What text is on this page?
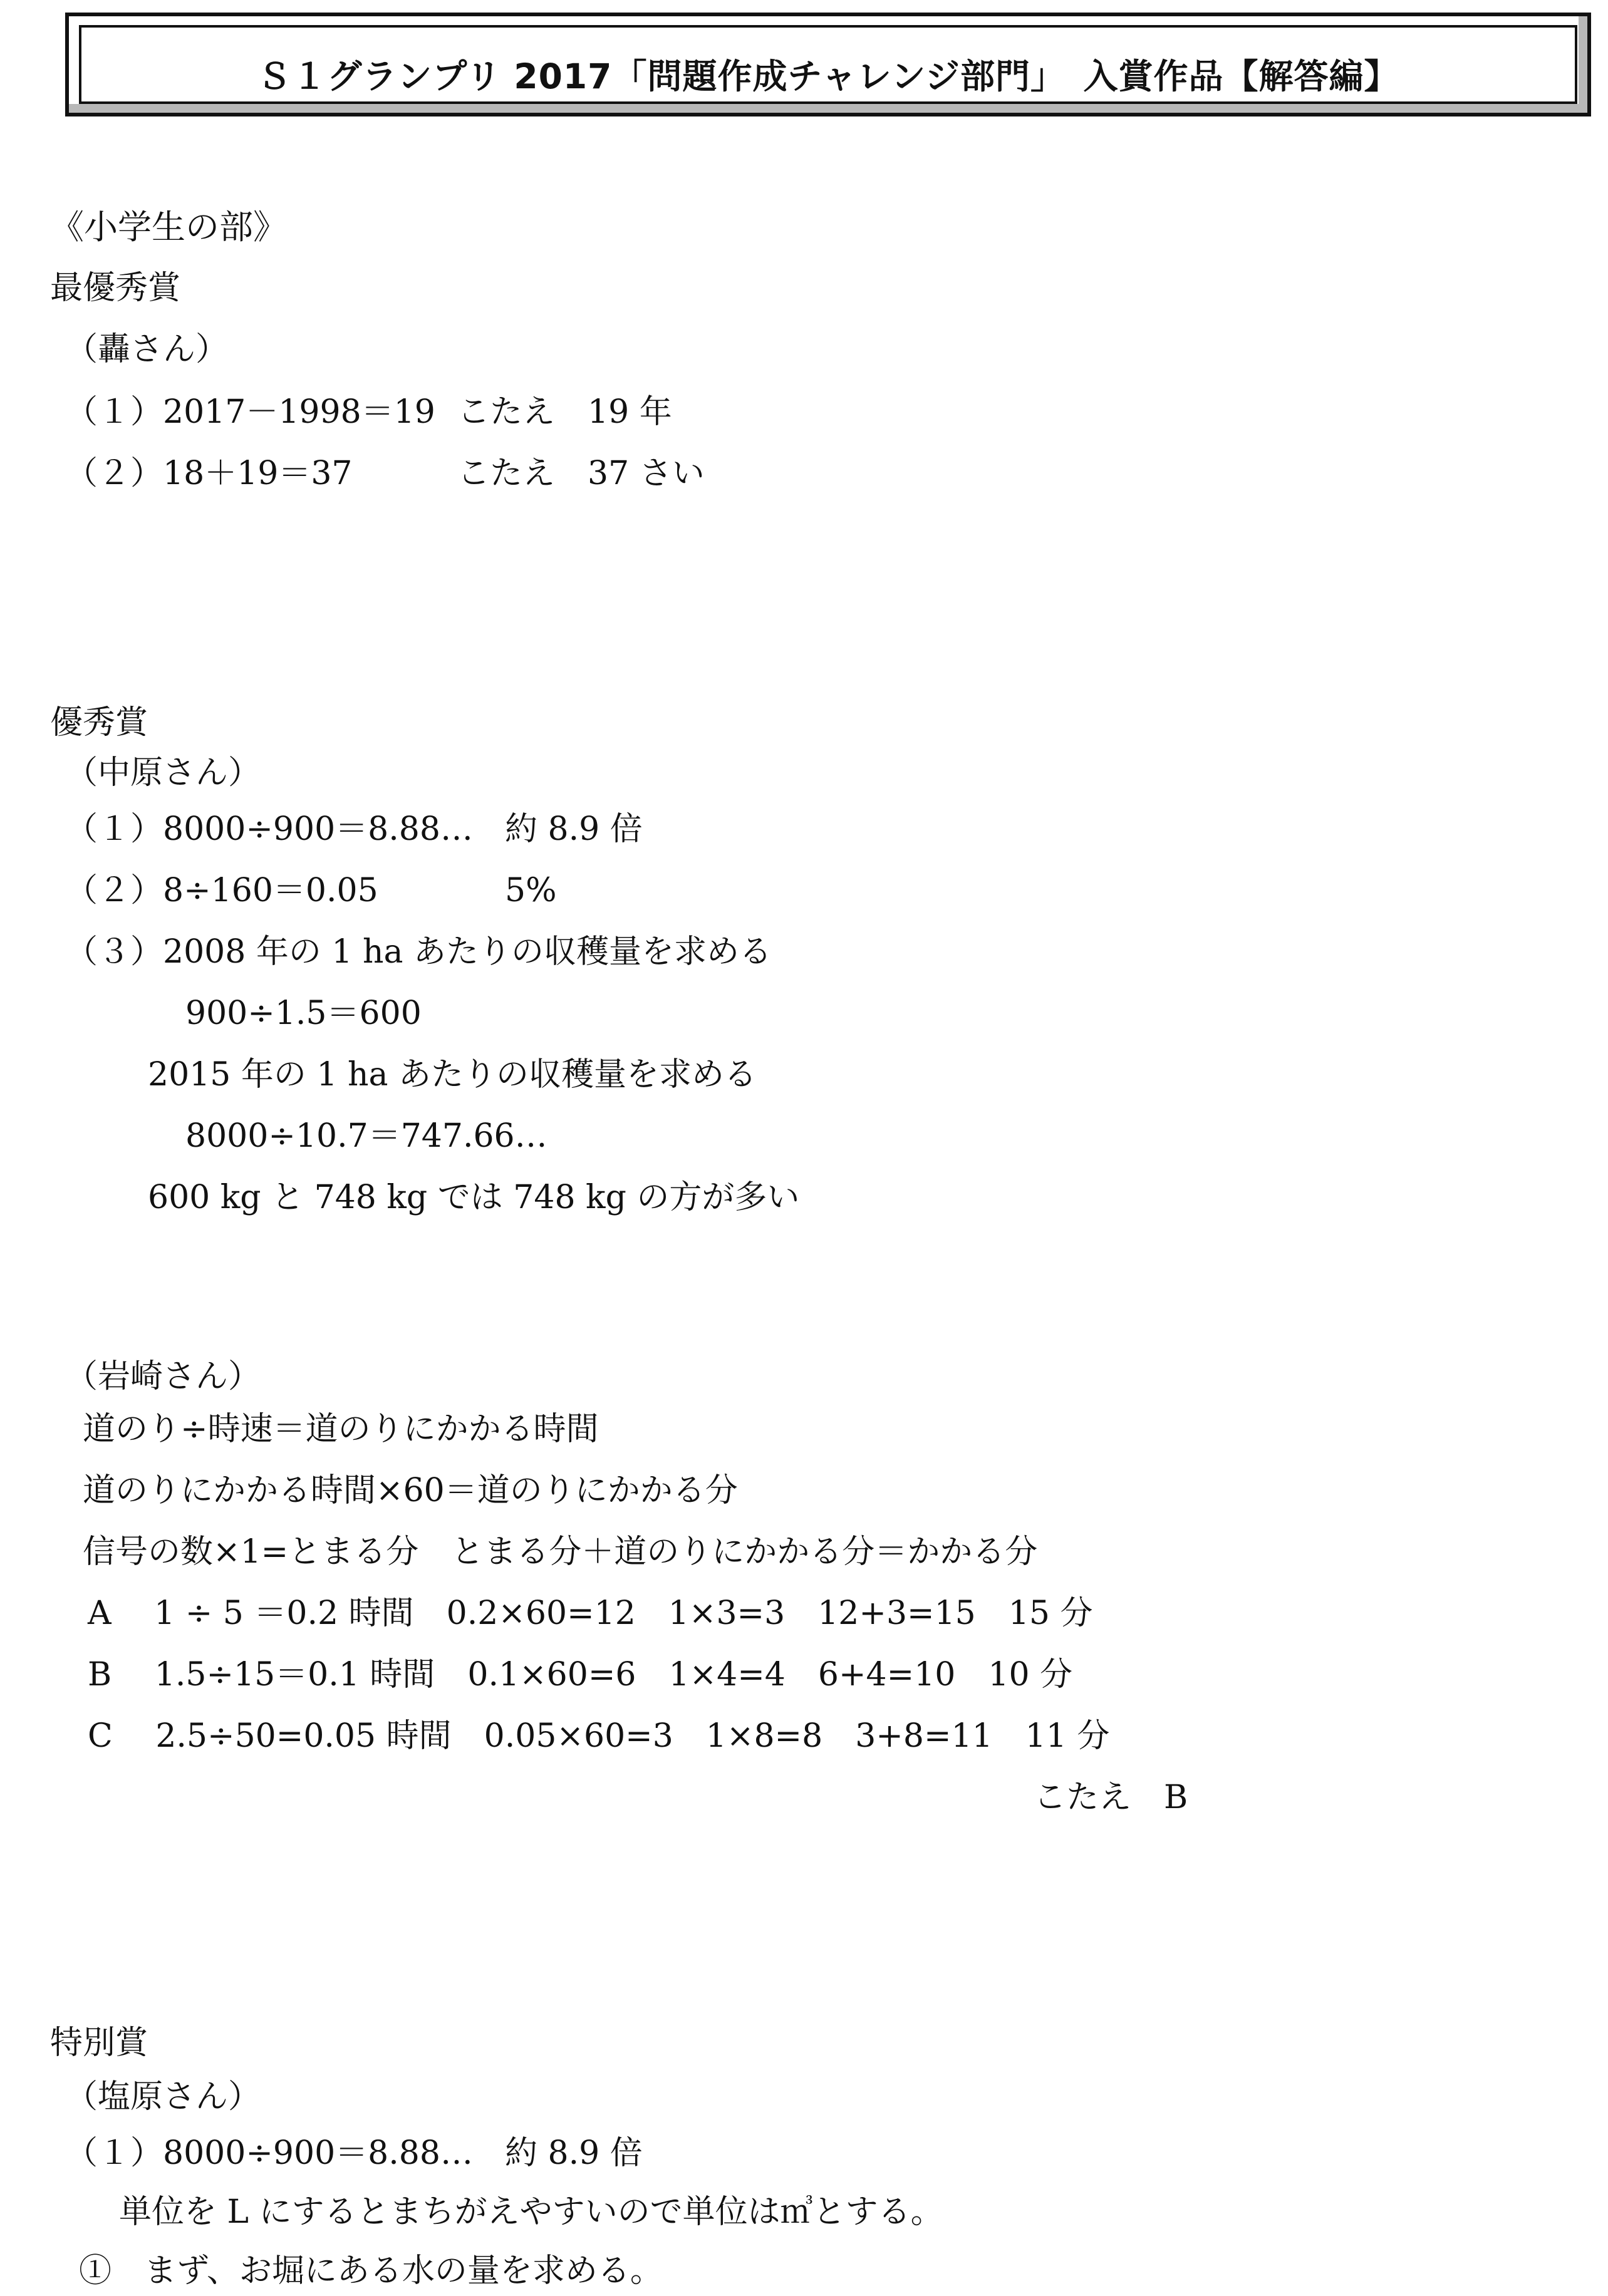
Ｓ１グランプリ 2017「問題作成チャレンジ部門」　入賞作品【解答編】
《小学生の部》
最優秀賞
（轟さん）
（１）2017－1998＝19 こたえ　19 年
（２）18＋19＝37	こたえ　37 さい
優秀賞
（中原さん）
（１）8000÷900＝8.88… 約 8.9 倍
（２）8÷160＝0.05	5%
（３）2008 年の 1 ha あたりの収穫量を求める
900÷1.5＝600
2015 年の 1 ha あたりの収穫量を求める
8000÷10.7＝747.66…
600 kg と 748 kg では 748 kg の方が多い
（岩崎さん）
道のり÷時速＝道のりにかかる時間
道のりにかかる時間×60＝道のりにかかる分
信号の数×1=とまる分　とまる分＋道のりにかかる分＝かかる分
A　 1 ÷ 5 ＝0.2 時間　0.2×60=12　1×3=3　12+3=15　15 分
B　 1.5÷15＝0.1 時間　0.1×60=6　1×4=4　6+4=10　10 分
C　 2.5÷50=0.05 時間　0.05×60=3　1×8=8　3+8=11　11 分
こたえ　B
特別賞
（塩原さん）
（１）8000÷900＝8.88… 約 8.9 倍
単位を L にするとまちがえやすいので単位は㎥とする。
①　まず、お堀にある水の量を求める。
